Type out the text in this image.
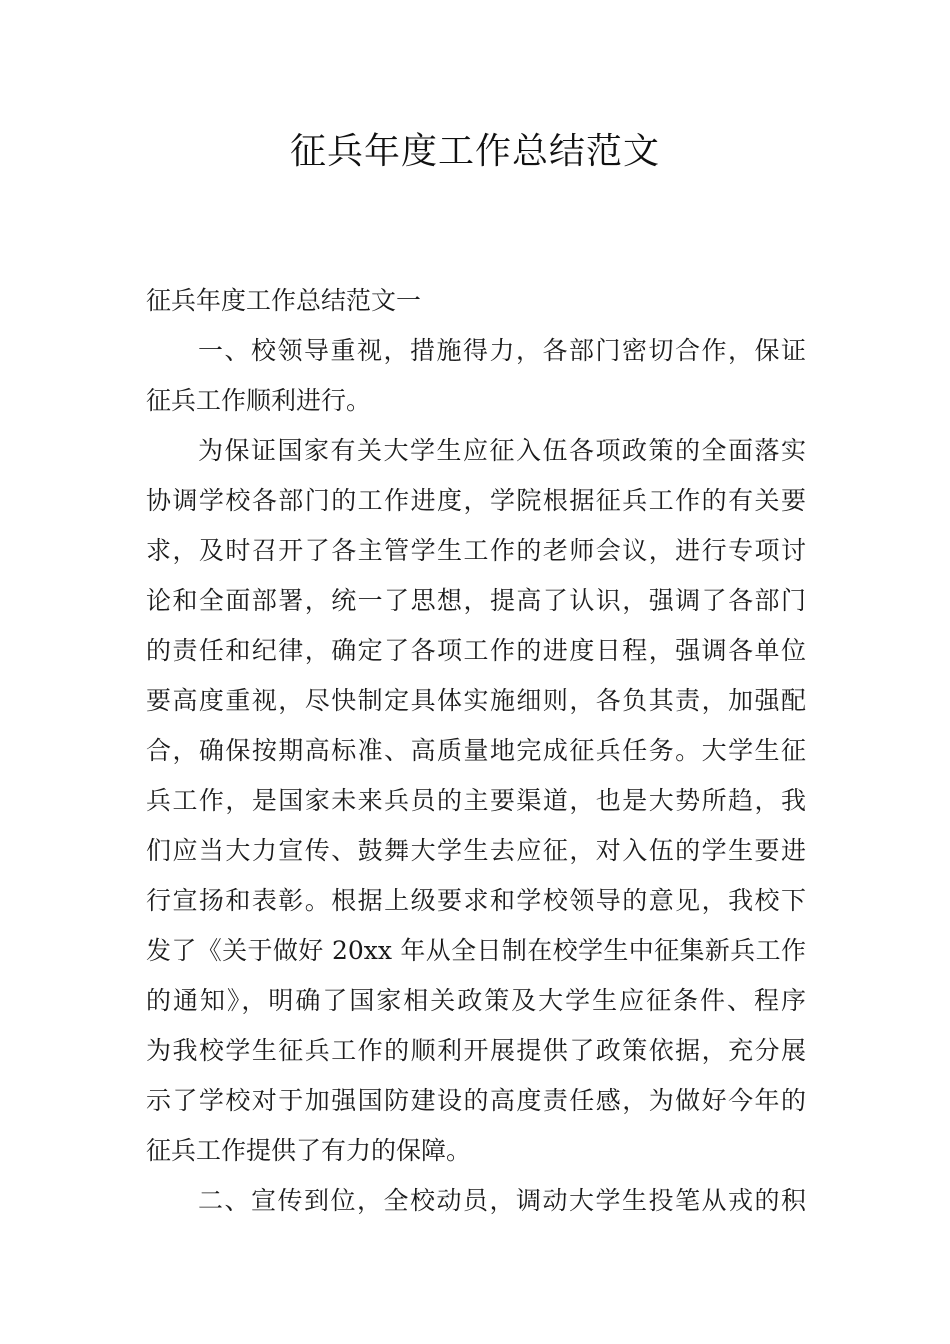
征兵年度工作总结范文
征兵年度工作总结范文一
一、校领导重视，措施得力，各部门密切合作，保证
征兵工作顺利进行。
为保证国家有关大学生应征入伍各项政策的全面落实
协调学校各部门的工作进度，学院根据征兵工作的有关要
求，及时召开了各主管学生工作的老师会议，进行专项讨
论和全面部署，统一了思想，提高了认识，强调了各部门
的责任和纪律，确定了各项工作的进度日程，强调各单位
要高度重视，尽快制定具体实施细则，各负其责，加强配
合，确保按期高标准、高质量地完成征兵任务。大学生征
兵工作，是国家未来兵员的主要渠道，也是大势所趋，我
们应当大力宣传、鼓舞大学生去应征，对入伍的学生要进
行宣扬和表彰。根据上级要求和学校领导的意见，我校下
发了《关于做好 20xx 年从全日制在校学生中征集新兵工作
的通知》，明确了国家相关政策及大学生应征条件、程序
为我校学生征兵工作的顺利开展提供了政策依据，充分展
示了学校对于加强国防建设的高度责任感，为做好今年的
征兵工作提供了有力的保障。
二、宣传到位，全校动员，调动大学生投笔从戎的积
